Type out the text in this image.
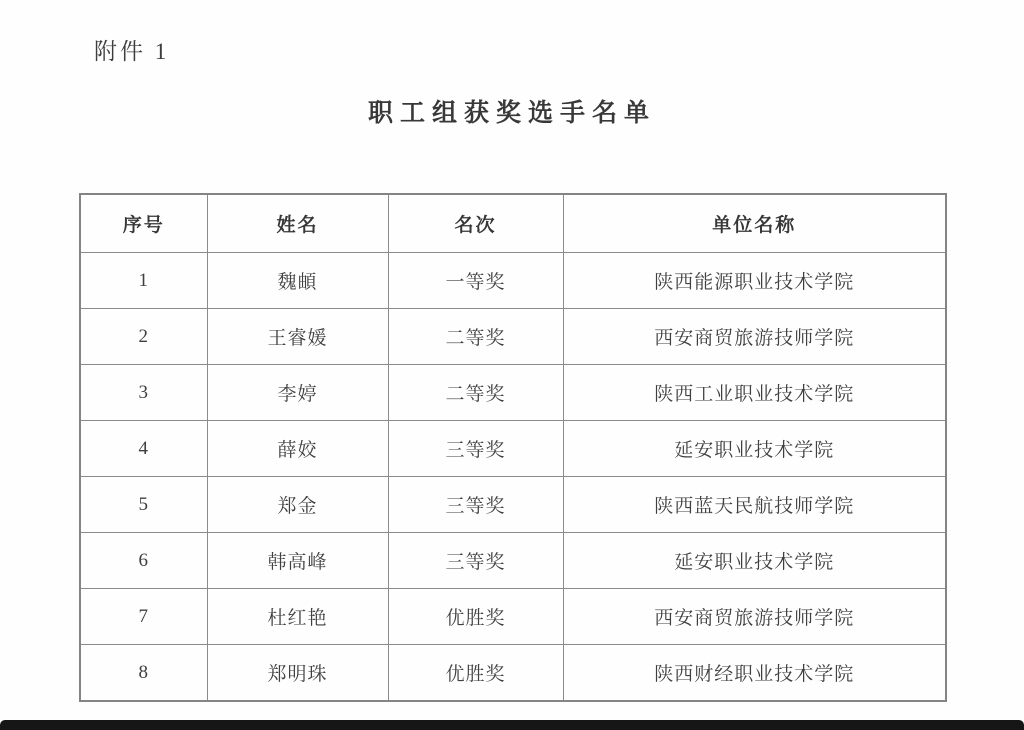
附件 1
职工组获奖选手名单
序号	姓名	名次	单位名称
1	魏頔	一等奖	陕西能源职业技术学院
2	王睿媛	二等奖	西安商贸旅游技师学院
3	李婷	二等奖	陕西工业职业技术学院
4	薛姣	三等奖	延安职业技术学院
5	郑金	三等奖	陕西蓝天民航技师学院
6	韩高峰	三等奖	延安职业技术学院
7	杜红艳	优胜奖	西安商贸旅游技师学院
8	郑明珠	优胜奖	陕西财经职业技术学院
